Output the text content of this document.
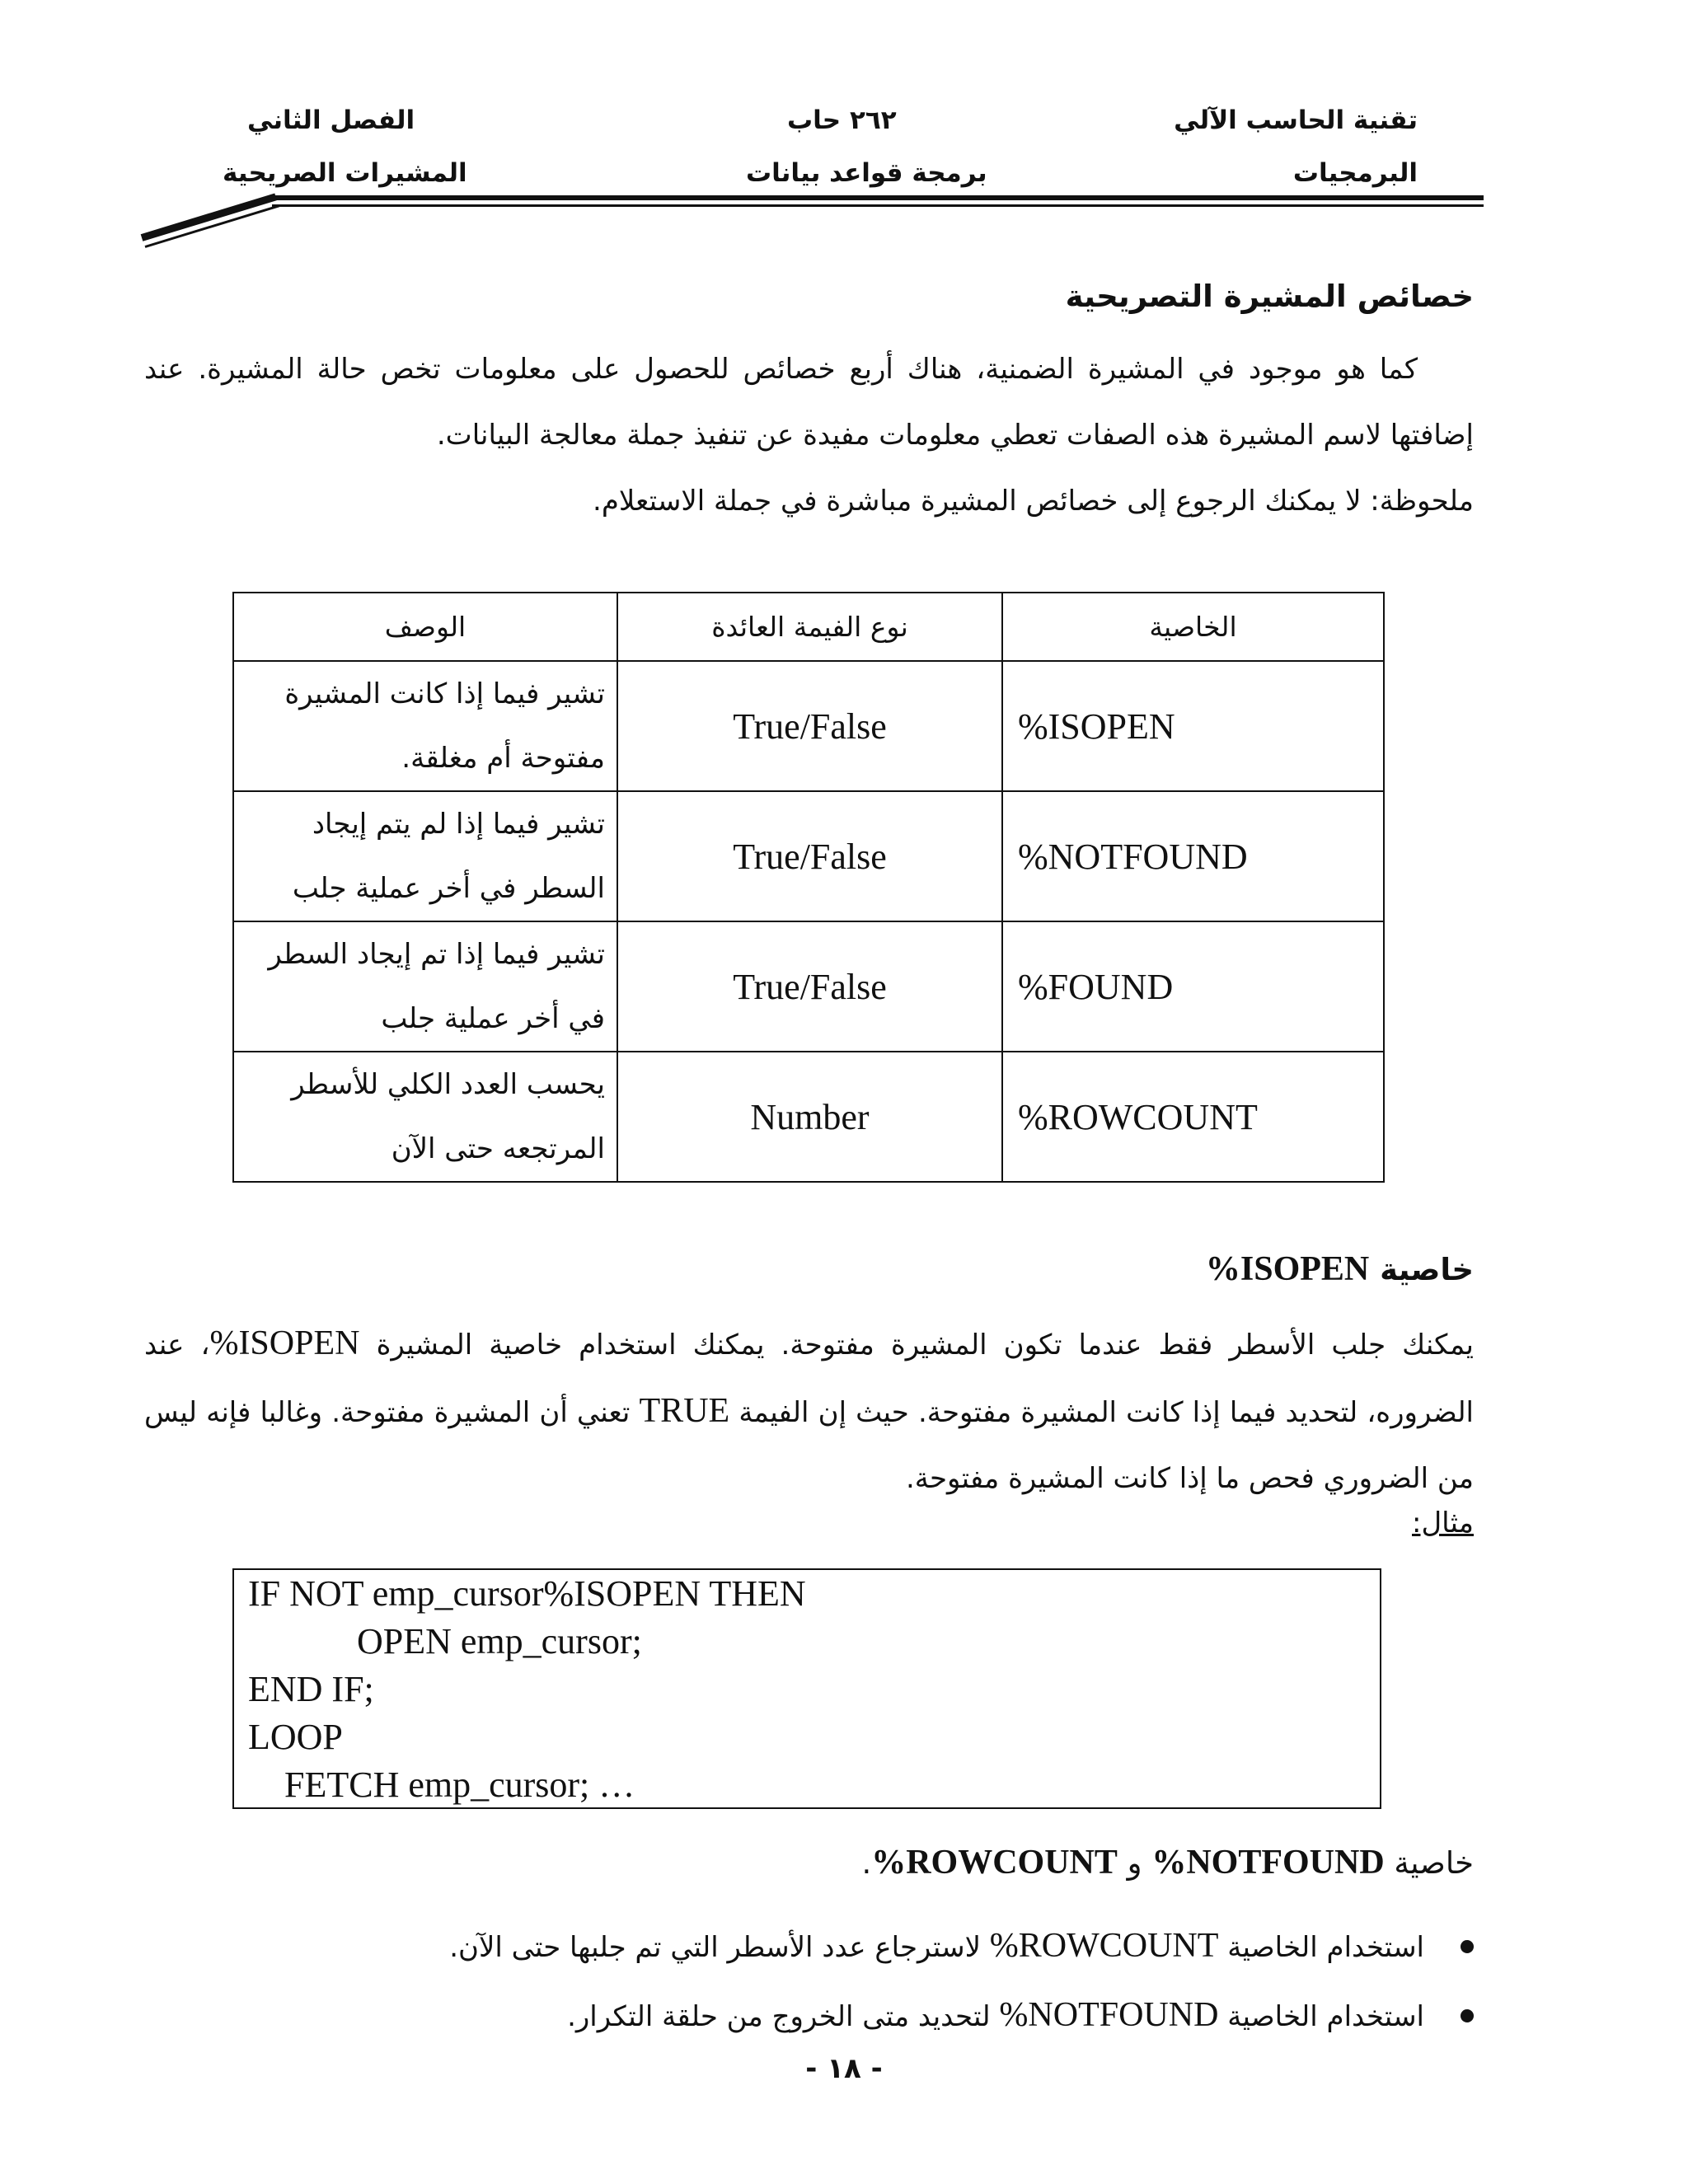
تقنية الحاسب الآلي
البرمجيات
٢٦٢ حاب
برمجة قواعد بيانات
الفصل الثاني
المشيرات الصريحية
خصائص المشيرة التصريحية
كما هو موجود في المشيرة الضمنية، هناك أربع خصائص للحصول على معلومات تخص حالة المشيرة. عند إضافتها لاسم المشيرة هذه الصفات تعطي معلومات مفيدة عن تنفيذ جملة معالجة البيانات.
ملحوظة: لا يمكنك الرجوع إلى خصائص المشيرة مباشرة في جملة الاستعلام.
الخاصية	نوع الفيمة العائدة	الوصف
%ISOPEN	True/False	تشير فيما إذا كانت المشيرة مفتوحة أم مغلقة.
%NOTFOUND	True/False	تشير فيما إذا لم يتم إيجاد السطر في أخر عملية جلب
%FOUND	True/False	تشير فيما إذا تم إيجاد السطر في أخر عملية جلب
%ROWCOUNT	Number	يحسب العدد الكلي للأسطر المرتجعه حتى الآن
خاصية %ISOPEN
يمكنك جلب الأسطر فقط عندما تكون المشيرة مفتوحة. يمكنك استخدام خاصية المشيرة %ISOPEN، عند الضروره، لتحديد فيما إذا كانت المشيرة مفتوحة. حيث إن الفيمة TRUE تعني أن المشيرة مفتوحة. وغالبا فإنه ليس من الضروري فحص ما إذا كانت المشيرة مفتوحة.
مثال:
IF NOT emp_cursor%ISOPEN THEN
OPEN emp_cursor;
END IF;
LOOP
FETCH emp_cursor; …
خاصية %NOTFOUND و %ROWCOUNT.
استخدام الخاصية %ROWCOUNT لاسترجاع عدد الأسطر التي تم جلبها حتى الآن.
استخدام الخاصية %NOTFOUND لتحديد متى الخروج من حلقة التكرار.
- ١٨ -
